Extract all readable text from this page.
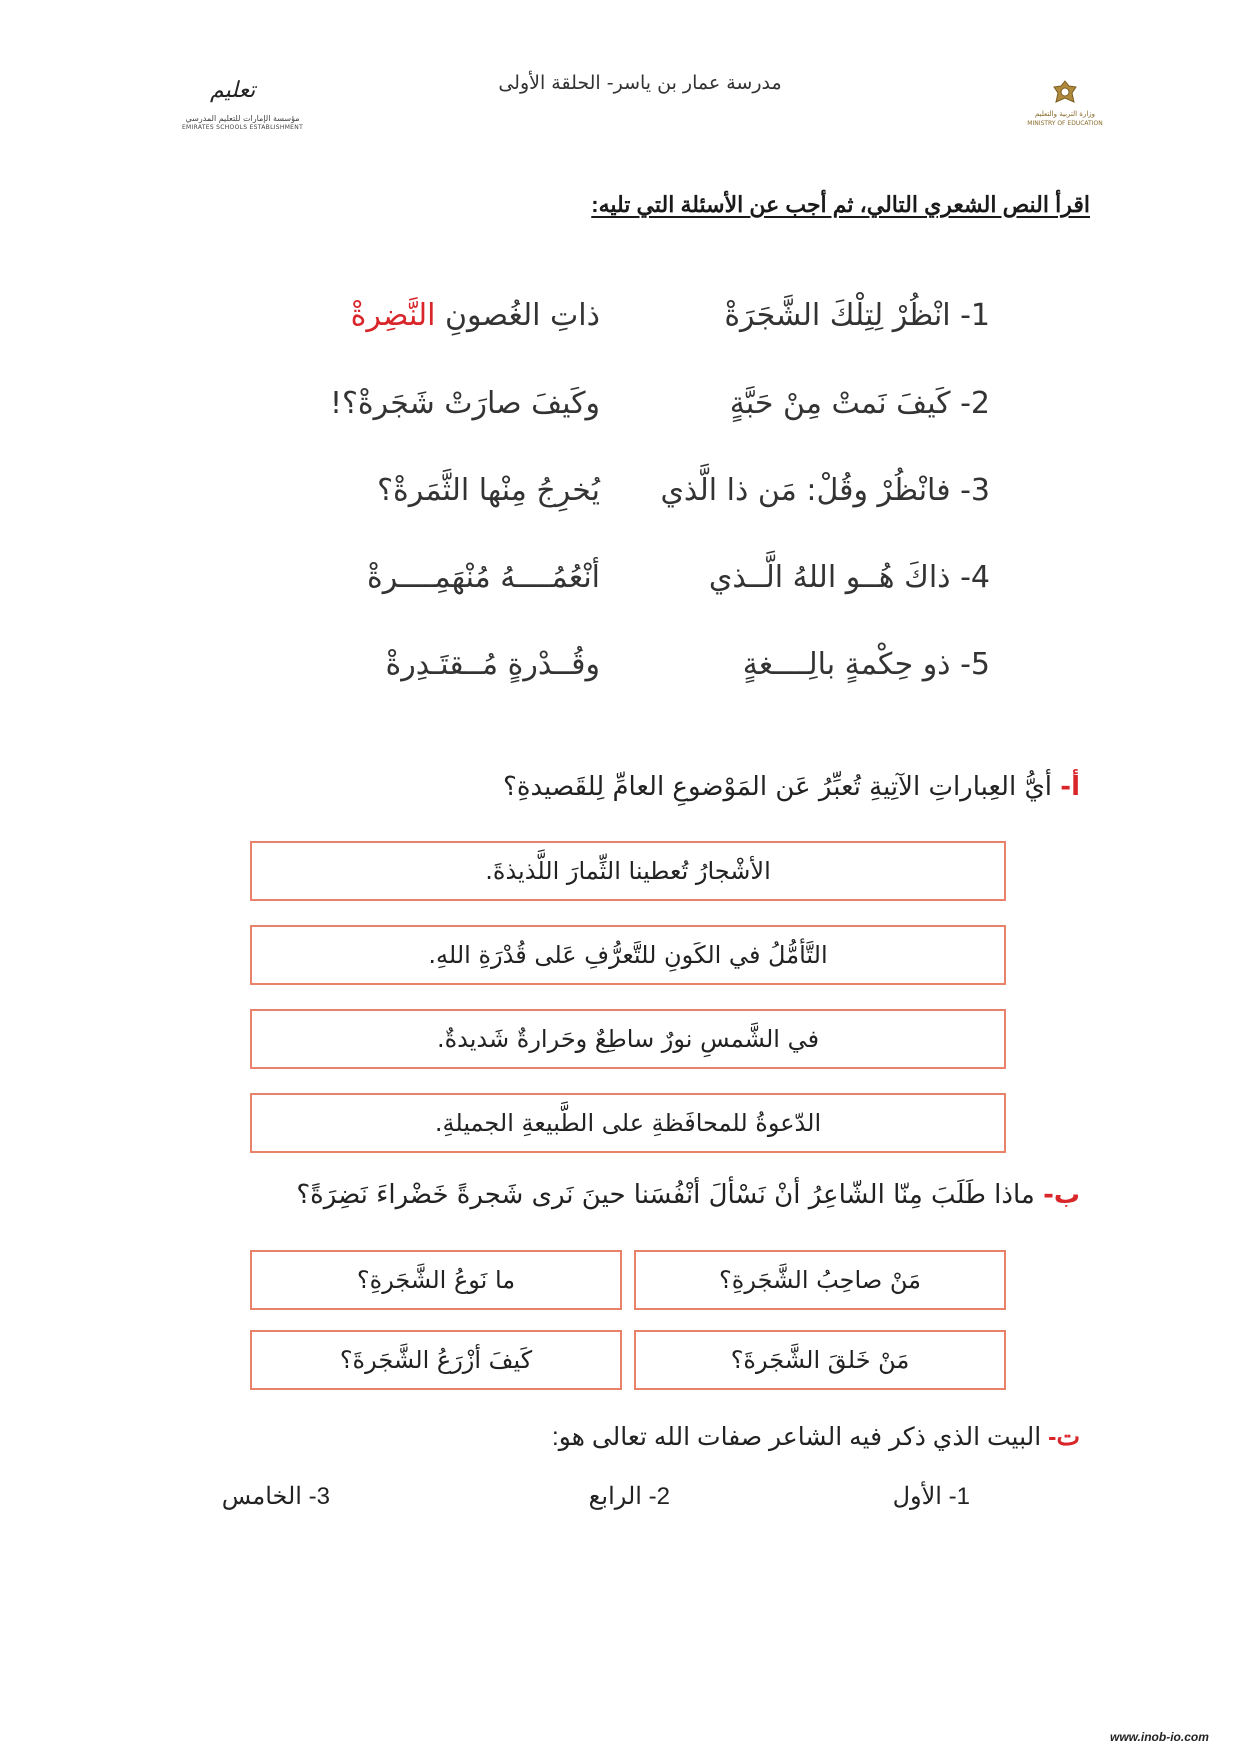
تعليم
مؤسسة الإمارات للتعليم المدرسي
EMIRATES SCHOOLS ESTABLISHMENT
مدرسة عمار بن ياسر- الحلقة الأولى
وزارة التربية والتعليم
MINISTRY OF EDUCATION
اقرأ النص الشعري التالي، ثم أجب عن الأسئلة التي تليه:
1- انْظُرْ لِتِلْكَ الشَّجَرَةْ
ذاتِ الغُصونِ النَّضِرةْ
2- كَيفَ نَمتْ مِنْ حَبَّةٍ
وكَيفَ صارَتْ شَجَرةْ؟!
3- فانْظُرْ وقُلْ: مَن ذا الَّذي
يُخرِجُ مِنْها الثَّمَرةْ؟
4- ذاكَ هُــو اللهُ الَّــذي
أنْعُمُــــهُ مُنْهَمِــــرةْ
5- ذو حِكْمةٍ بالِــــغةٍ
وقُــدْرةٍ مُــقتَـدِرةْ
أ- أيُّ العِباراتِ الآتِيةِ تُعبِّرُ عَن المَوْضوعِ العامِّ لِلقَصيدةِ؟
الأشْجارُ تُعطينا الثِّمارَ اللَّذيذةَ.
التَّأمُّلُ في الكَونِ للتَّعرُّفِ عَلى قُدْرَةِ اللهِ.
في الشَّمسِ نورٌ ساطِعٌ وحَرارةٌ شَديدةٌ.
الدّعوةُ للمحافَظةِ على الطَّبيعةِ الجميلةِ.
ب- ماذا طَلَبَ مِنّا الشّاعِرُ أنْ نَسْألَ أنْفُسَنا حينَ نَرى شَجرةً خَضْراءَ نَضِرَةً؟
مَنْ صاحِبُ الشَّجَرةِ؟
ما نَوعُ الشَّجَرةِ؟
مَنْ خَلقَ الشَّجَرةَ؟
كَيفَ أزْرَعُ الشَّجَرةَ؟
ت- البيت الذي ذكر فيه الشاعر صفات الله تعالى هو:
1- الأول
2- الرابع
3- الخامس
www.inob-io.com
